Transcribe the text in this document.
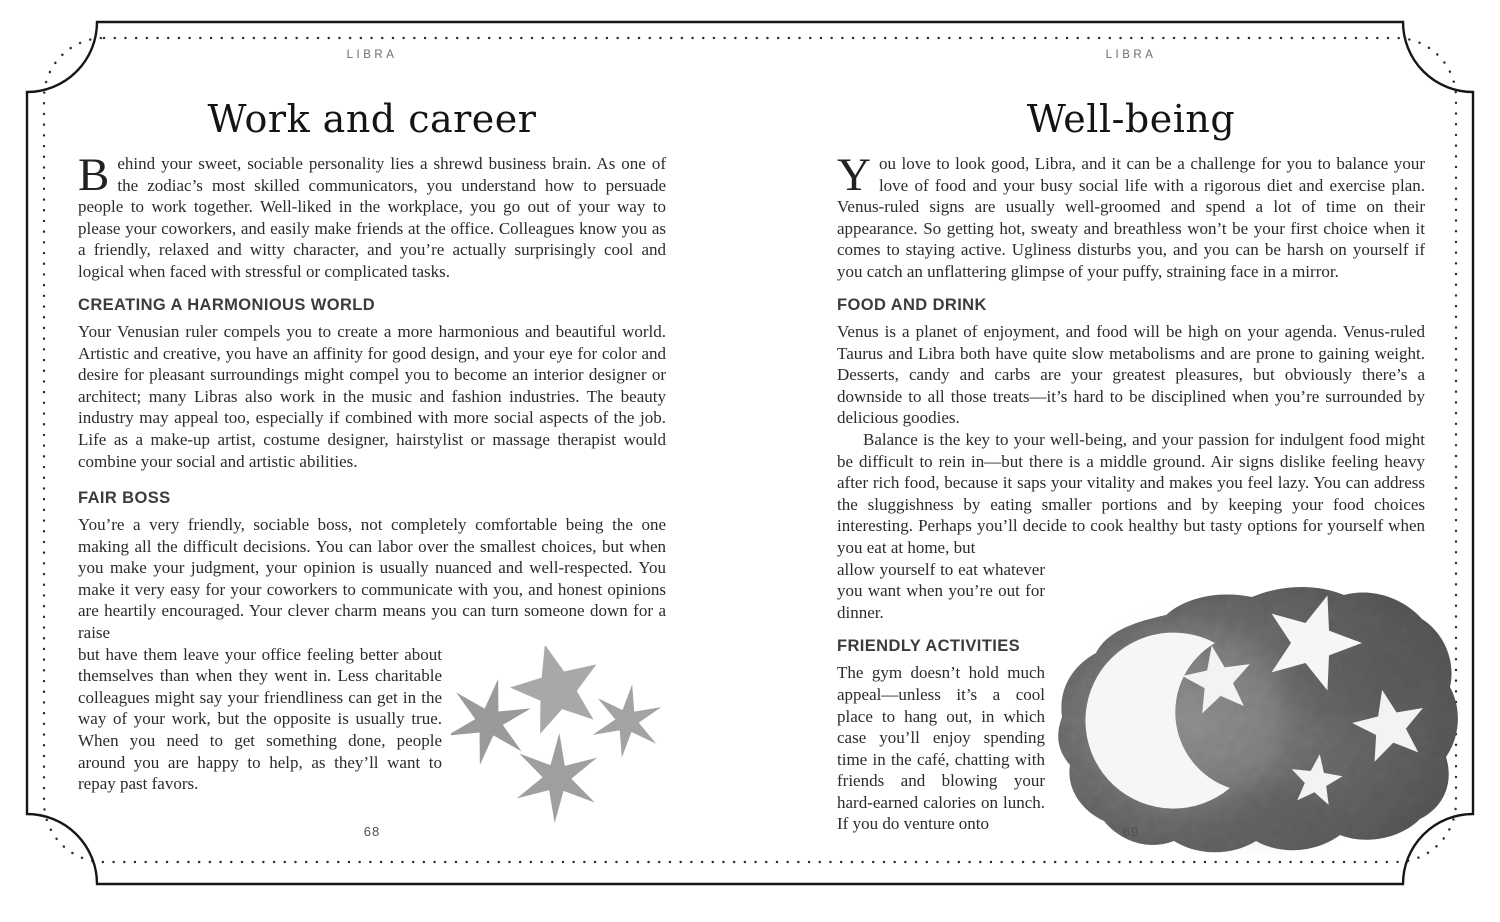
LIBRA
Work and career

Behind your sweet, sociable personality lies a shrewd business brain. As one of the zodiac’s most skilled communicators, you understand how to persuade people to work together. Well-liked in the workplace, you go out of your way to please your coworkers, and easily make friends at the office. Colleagues know you as a friendly, relaxed and witty character, and you’re actually surprisingly cool and logical when faced with stressful or complicated tasks.

CREATING A HARMONIOUS WORLD

Your Venusian ruler compels you to create a more harmonious and beautiful world. Artistic and creative, you have an affinity for good design, and your eye for color and desire for pleasant surroundings might compel you to become an interior designer or architect; many Libras also work in the music and fashion industries. The beauty industry may appeal too, especially if combined with more social aspects of the job. Life as a make-up artist, costume designer, hairstylist or massage therapist would combine your social and artistic abilities.

FAIR BOSS

You’re a very friendly, sociable boss, not completely comfortable being the one making all the difficult decisions. You can labor over the smallest choices, but when you make your judgment, your opinion is usually nuanced and well-respected. You make it very easy for your coworkers to communicate with you, and honest opinions are heartily encouraged. Your clever charm means you can turn someone down for a raise

but have them leave your office feeling better about themselves than when they went in. Less charitable colleagues might say your friendliness can get in the way of your work, but the opposite is usually true. When you need to get something done, people around you are happy to help, as they’ll want to repay past favors.

68
LIBRA
Well-being

You love to look good, Libra, and it can be a challenge for you to balance your love of food and your busy social life with a rigorous diet and exercise plan. Venus-ruled signs are usually well-groomed and spend a lot of time on their appearance. So getting hot, sweaty and breathless won’t be your first choice when it comes to staying active. Ugliness disturbs you, and you can be harsh on yourself if you catch an unflattering glimpse of your puffy, straining face in a mirror.

FOOD AND DRINK

Venus is a planet of enjoyment, and food will be high on your agenda. Venus-ruled Taurus and Libra both have quite slow metabolisms and are prone to gaining weight. Desserts, candy and carbs are your greatest pleasures, but obviously there’s a downside to all those treats—it’s hard to be disciplined when you’re surrounded by delicious goodies.

Balance is the key to your well-being, and your passion for indulgent food might be difficult to rein in—but there is a middle ground. Air signs dislike feeling heavy after rich food, because it saps your vitality and makes you feel lazy. You can address the sluggishness by eating smaller portions and by keeping your food choices interesting. Perhaps you’ll decide to cook healthy but tasty options for yourself when you eat at home, but

allow yourself to eat whatever you want when you’re out for dinner.

FRIENDLY ACTIVITIES

The gym doesn’t hold much appeal—unless it’s a cool place to hang out, in which case you’ll enjoy spending time in the café, chatting with friends and blowing your hard-earned calories on lunch. If you do venture onto	69
